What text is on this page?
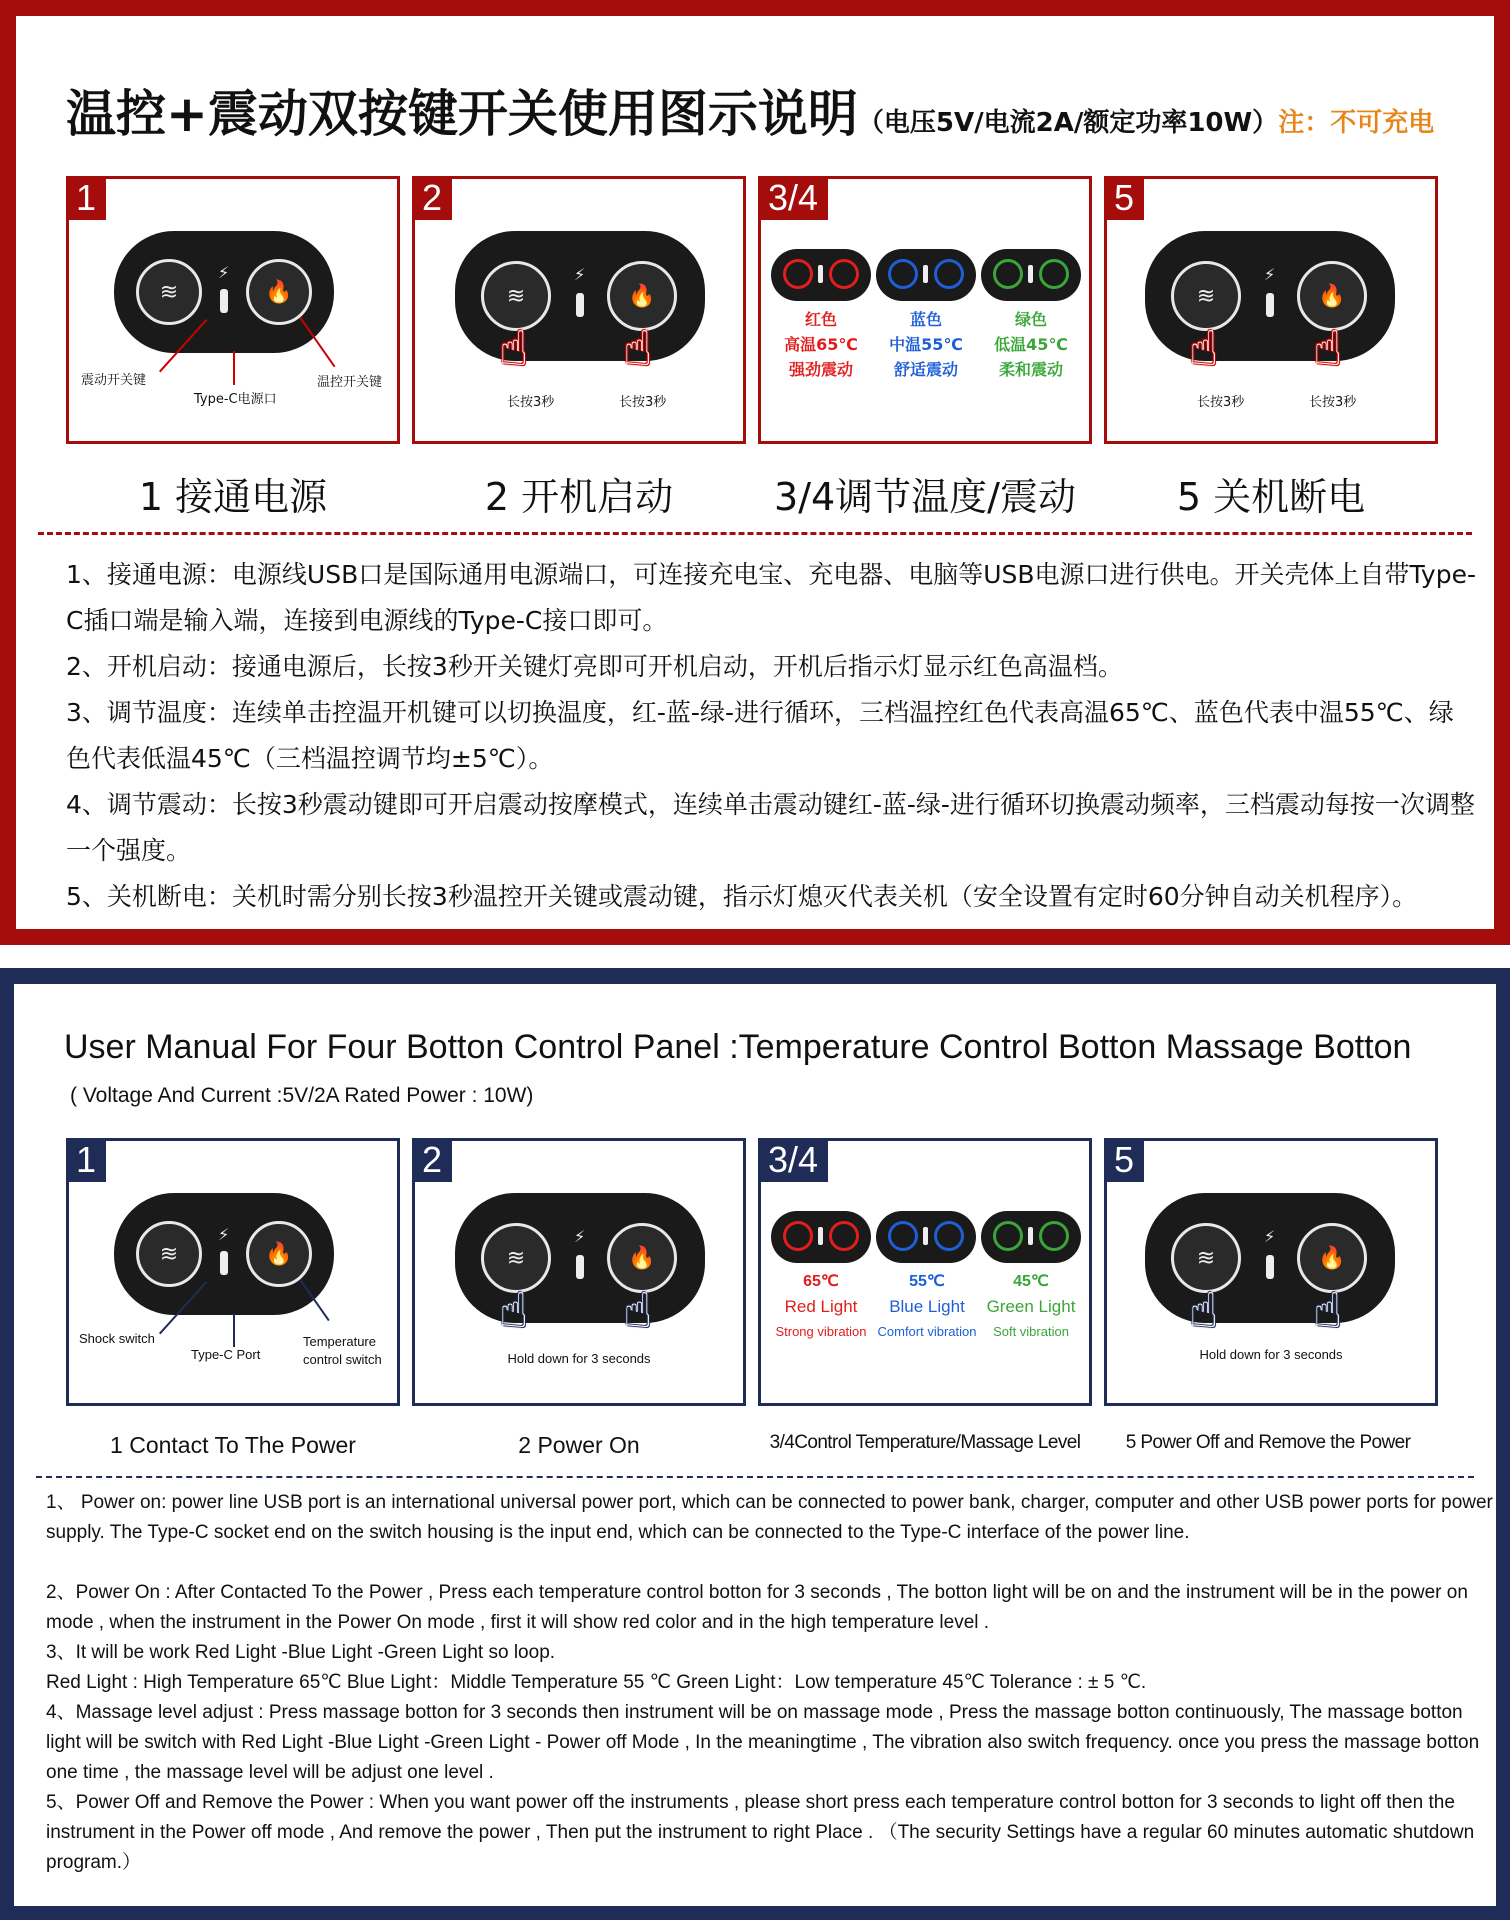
温控+震动双按键开关使用图示说明（电压5V/电流2A/额定功率10W）注：不可充电
1
≋
⚡
🔥
震动开关键
Type-C电源口
温控开关键
2
≋
⚡
🔥
☝ ☝
长按3秒	长按3秒
3/4
红色
高温65℃
强劲震动
蓝色
中温55℃
舒适震动
绿色
低温45℃
柔和震动
5
≋
⚡
🔥
☝ ☝
长按3秒	长按3秒
1 接通电源	2 开机启动	3/4调节温度/震动	5 关机断电
1、接通电源：电源线USB口是国际通用电源端口，可连接充电宝、充电器、电脑等USB电源口进行供电。开关壳体上自带Type-C插口端是输入端，连接到电源线的Type-C接口即可。
2、开机启动：接通电源后，长按3秒开关键灯亮即可开机启动，开机后指示灯显示红色高温档。
3、调节温度：连续单击控温开机键可以切换温度，红-蓝-绿-进行循环，三档温控红色代表高温65℃、蓝色代表中温55℃、绿色代表低温45℃（三档温控调节均±5℃）。
4、调节震动：长按3秒震动键即可开启震动按摩模式，连续单击震动键红-蓝-绿-进行循环切换震动频率，三档震动每按一次调整一个强度。
5、关机断电：关机时需分别长按3秒温控开关键或震动键，指示灯熄灭代表关机（安全设置有定时60分钟自动关机程序）。
User Manual For Four Botton Control Panel :Temperature Control Botton Massage Botton
( Voltage And Current :5V/2A Rated Power : 10W)
1
≋
⚡
🔥
Shock switch
Type-C Port
Temperature control switch
2
≋
⚡
🔥
☝ ☝
Hold down for 3 seconds
3/4
65℃
Red Light
Strong vibration
55℃
Blue Light
Comfort vibration
45℃
Green Light
Soft vibration
5
≋
⚡
🔥
☝ ☝
Hold down for 3 seconds
1 Contact To The Power	2 Power On	3/4Control Temperature/Massage Level	5 Power Off and Remove the Power
1、 Power on: power line USB port is an international universal power port, which can be connected to power bank, charger, computer and other USB power ports for power supply. The Type-C socket end on the switch housing is the input end, which can be connected to the Type-C interface of the power line.
2、Power On : After Contacted To the Power , Press each temperature control botton for 3 seconds , The botton light will be on and the instrument will be in the power on mode , when the instrument in the Power On mode , first it will show red color and in the high temperature level .
3、It will be work Red Light -Blue Light -Green Light so loop.
Red Light : High Temperature 65℃ Blue Light：Middle Temperature 55 ℃ Green Light：Low temperature 45℃ Tolerance : ± 5 ℃.
4、Massage level adjust : Press massage botton for 3 seconds then instrument will be on massage mode , Press the massage botton continuously, The massage botton light will be switch with Red Light -Blue Light -Green Light - Power off Mode , In the meaningtime , The vibration also switch frequency. once you press the massage botton one time , the massage level will be adjust one level .
5、Power Off and Remove the Power : When you want power off the instruments , please short press each temperature control botton for 3 seconds to light off then the instrument in the Power off mode , And remove the power , Then put the instrument to right Place . （The security Settings have a regular 60 minutes automatic shutdown program.）
